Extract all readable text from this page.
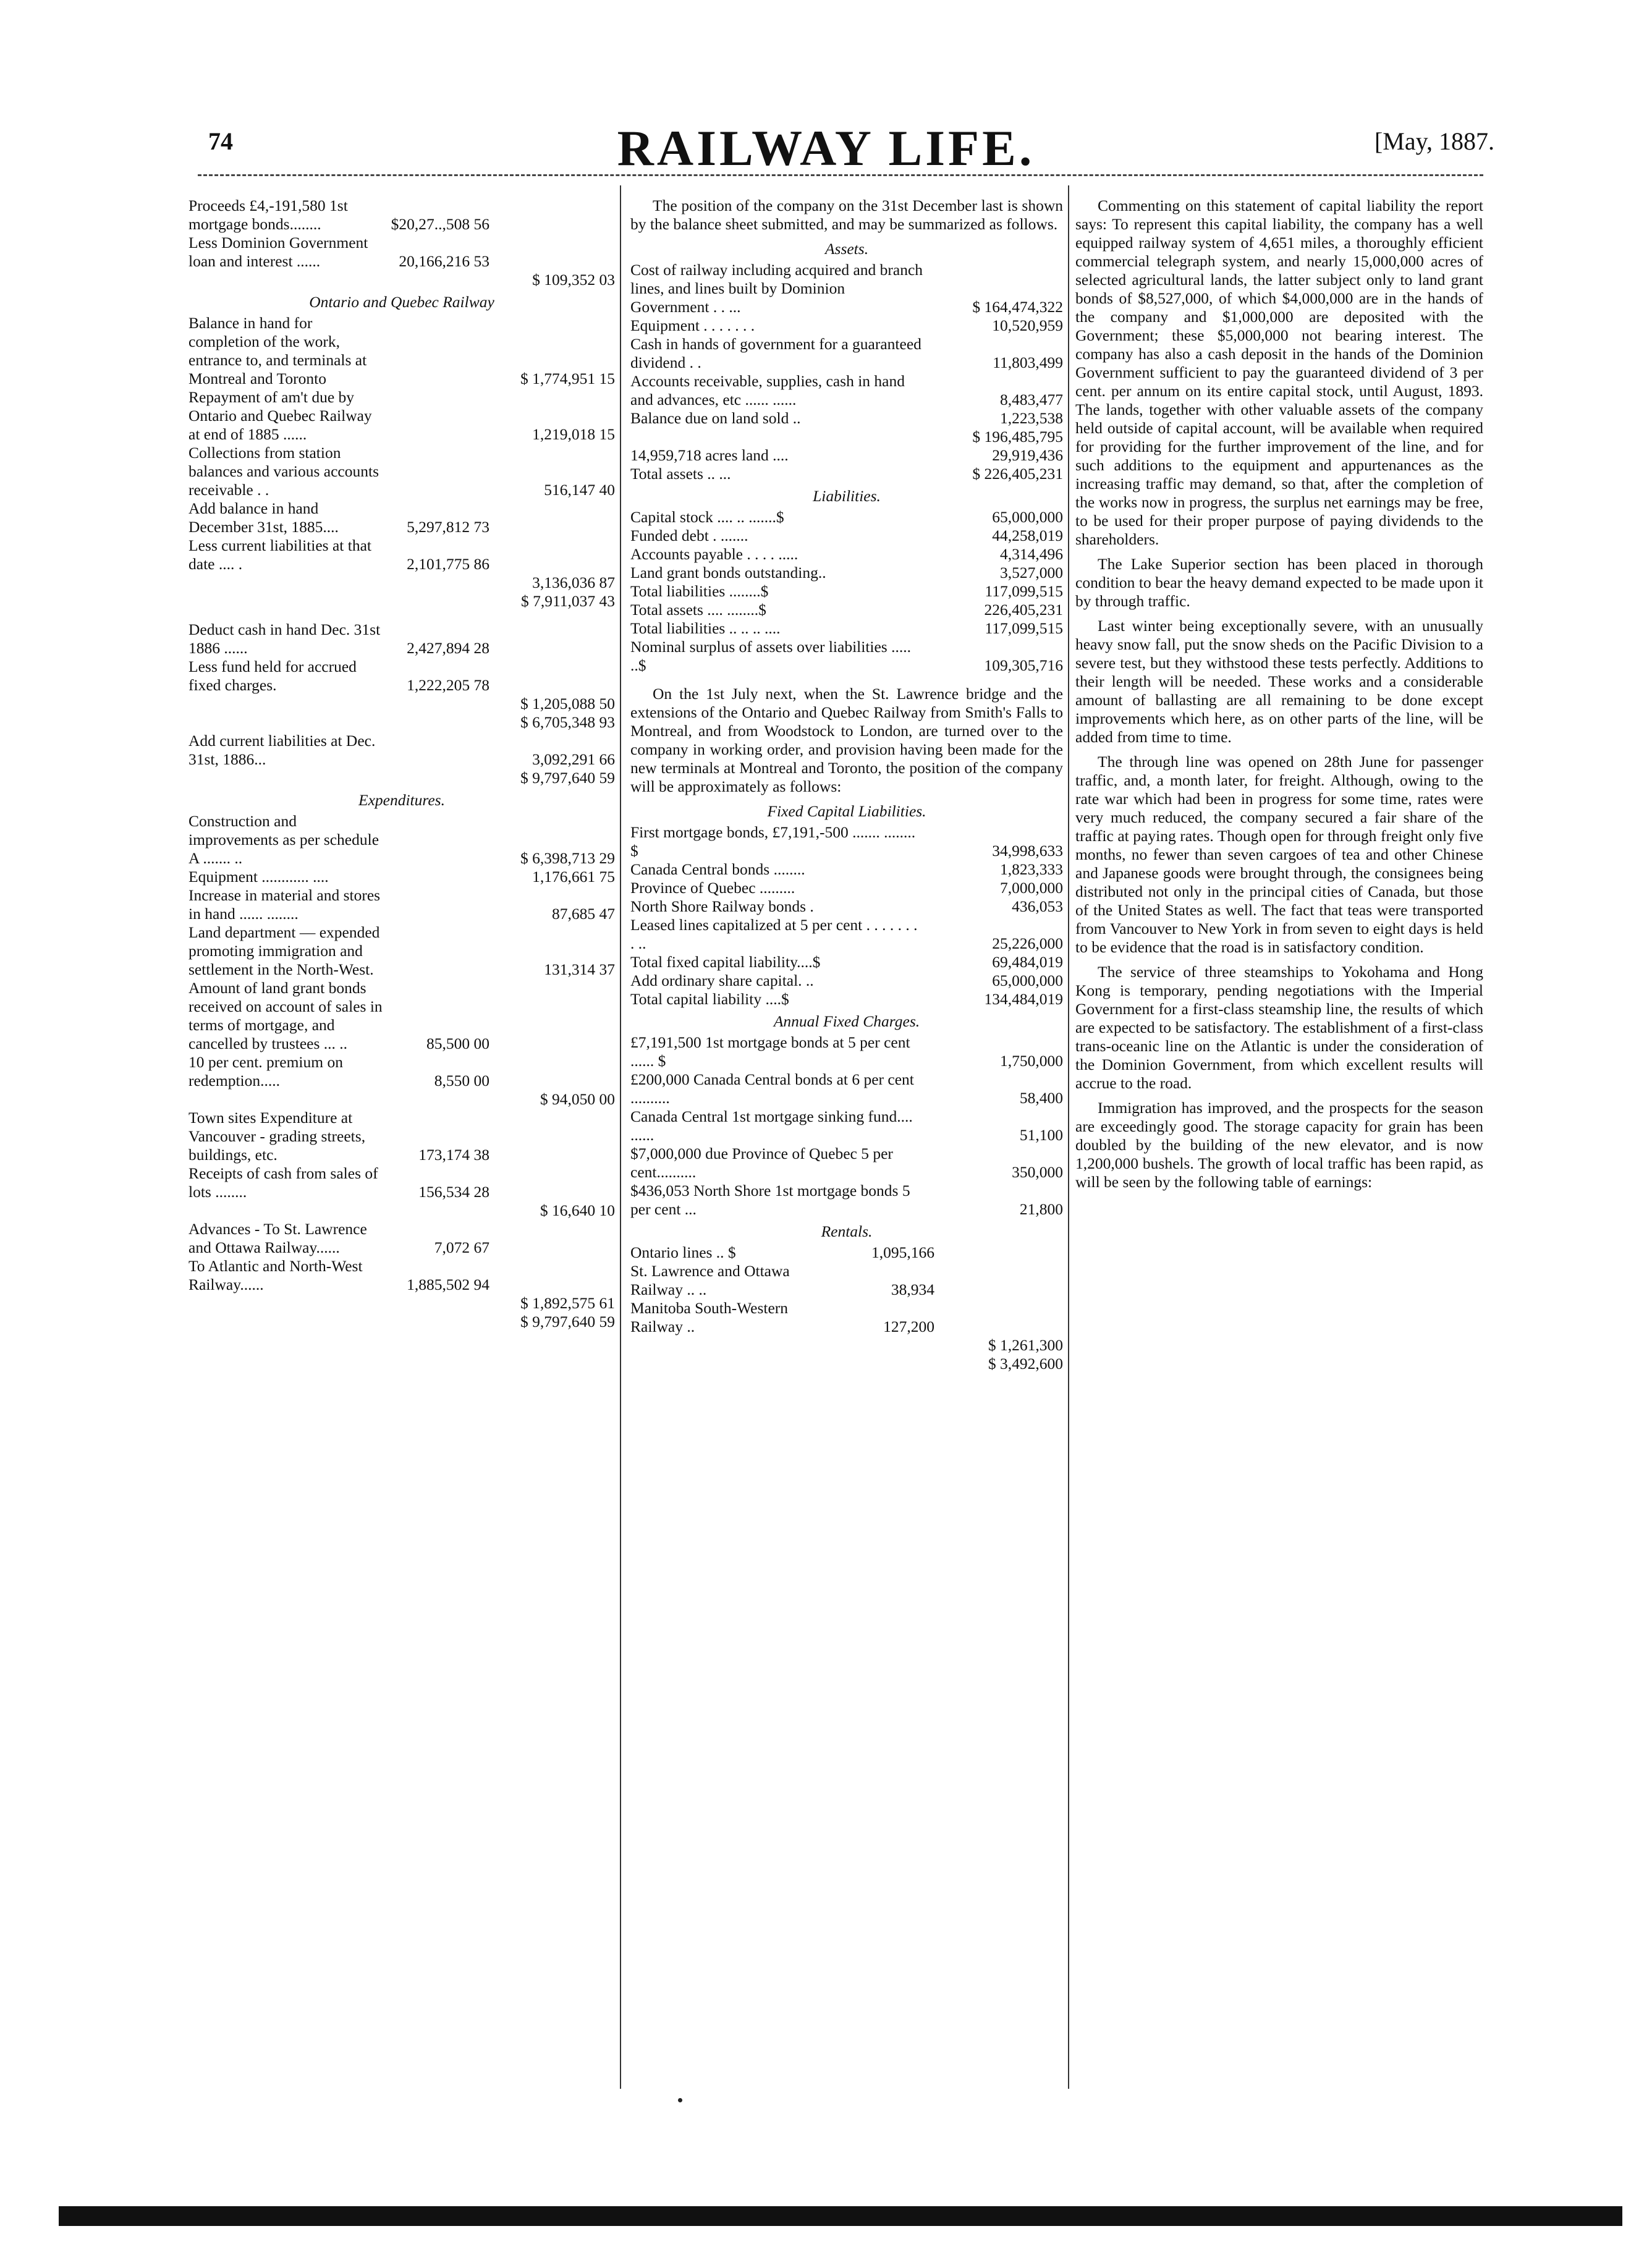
74	RAILWAY LIFE.	[May, 1887.
Proceeds £4,-191,580 1st mortgage bonds........	$20,27..,508 56
Less Dominion Government loan and interest ......	20,166,216 53
$ 109,352 03
Ontario and Quebec Railway
Balance in hand for completion of the work, entrance to, and terminals at Montreal and Toronto	$ 1,774,951 15
Repayment of am't due by Ontario and Quebec Railway at end of 1885 ......	1,219,018 15
Collections from station balances and various accounts receivable . .	516,147 40
Add balance in hand December 31st, 1885....	5,297,812 73
Less current liabilities at that date .... .	2,101,775 86
3,136,036 87
$ 7,911,037 43
Deduct cash in hand Dec. 31st 1886 ......	2,427,894 28
Less fund held for accrued fixed charges.	1,222,205 78
$ 1,205,088 50
$ 6,705,348 93
Add current liabilities at Dec. 31st, 1886...	3,092,291 66
$ 9,797,640 59
Expenditures.
Construction and improvements as per schedule A ....... ..	$ 6,398,713 29
Equipment ............ ....	1,176,661 75
Increase in material and stores in hand ...... ........	87,685 47
Land department — expended promoting immigration and settlement in the North-West.	131,314 37
Amount of land grant bonds received on account of sales in terms of mortgage, and cancelled by trustees ... ..	85,500 00
10 per cent. premium on redemption.....	8,550 00
$ 94,050 00
Town sites Expenditure at Vancouver - grading streets, buildings, etc.	173,174 38
Receipts of cash from sales of lots ........	156,534 28
$ 16,640 10
Advances - To St. Lawrence and Ottawa Railway......	7,072 67
To Atlantic and North-West Railway......	1,885,502 94
$ 1,892,575 61
$ 9,797,640 59

The position of the company on the 31st December last is shown by the balance sheet submitted, and may be summarized as follows.

Assets.
Cost of railway including acquired and branch lines, and lines built by Dominion Government . . ...	$ 164,474,322
Equipment . . . . . . .	10,520,959
Cash in hands of government for a guaranteed dividend . .	11,803,499
Accounts receivable, supplies, cash in hand and advances, etc ...... ......	8,483,477
Balance due on land sold ..	1,223,538
$ 196,485,795
14,959,718 acres land ....	29,919,436
Total assets .. ...	$ 226,405,231
Liabilities.
Capital stock .... .. .......$	65,000,000
Funded debt . .......	44,258,019
Accounts payable . . . . .....	4,314,496
Land grant bonds outstanding..	3,527,000
Total liabilities ........$	117,099,515
Total assets .... ........$	226,405,231
Total liabilities .. .. .. ....	117,099,515
Nominal surplus of assets over liabilities ..... ..$	109,305,716

On the 1st July next, when the St. Lawrence bridge and the extensions of the Ontario and Quebec Railway from Smith's Falls to Montreal, and from Woodstock to London, are turned over to the company in working order, and provision having been made for the new terminals at Montreal and Toronto, the position of the company will be approximately as follows:

Fixed Capital Liabilities.
First mortgage bonds, £7,191,-500 ....... ........ $	34,998,633
Canada Central bonds ........	1,823,333
Province of Quebec .........	7,000,000
North Shore Railway bonds .	436,053
Leased lines capitalized at 5 per cent . . . . . . . . ..	25,226,000
Total fixed capital liability....$	69,484,019
Add ordinary share capital. ..	65,000,000
Total capital liability ....$	134,484,019
Annual Fixed Charges.
£7,191,500 1st mortgage bonds at 5 per cent ...... $	1,750,000
£200,000 Canada Central bonds at 6 per cent ..........	58,400
Canada Central 1st mortgage sinking fund.... ......	51,100
$7,000,000 due Province of Quebec 5 per cent..........	350,000
$436,053 North Shore 1st mortgage bonds 5 per cent ...	21,800
Rentals.
Ontario lines .. $	1,095,166
St. Lawrence and Ottawa Railway .. ..	38,934
Manitoba South-Western Railway ..	127,200
$ 1,261,300
$ 3,492,600

Commenting on this statement of capital liability the report says: To represent this capital liability, the company has a well equipped railway system of 4,651 miles, a thoroughly efficient commercial telegraph system, and nearly 15,000,000 acres of selected agricultural lands, the latter subject only to land grant bonds of $8,527,000, of which $4,000,000 are in the hands of the company and $1,000,000 are deposited with the Government; these $5,000,000 not bearing interest. The company has also a cash deposit in the hands of the Dominion Government sufficient to pay the guaranteed dividend of 3 per cent. per annum on its entire capital stock, until August, 1893. The lands, together with other valuable assets of the company held outside of capital account, will be available when required for providing for the further improvement of the line, and for such additions to the equipment and appurtenances as the increasing traffic may demand, so that, after the completion of the works now in progress, the surplus net earnings may be free, to be used for their proper purpose of paying dividends to the shareholders.

The Lake Superior section has been placed in thorough condition to bear the heavy demand expected to be made upon it by through traffic.

Last winter being exceptionally severe, with an unusually heavy snow fall, put the snow sheds on the Pacific Division to a severe test, but they withstood these tests perfectly. Additions to their length will be needed. These works and a considerable amount of ballasting are all remaining to be done except improvements which here, as on other parts of the line, will be added from time to time.

The through line was opened on 28th June for passenger traffic, and, a month later, for freight. Although, owing to the rate war which had been in progress for some time, rates were very much reduced, the company secured a fair share of the traffic at paying rates. Though open for through freight only five months, no fewer than seven cargoes of tea and other Chinese and Japanese goods were brought through, the consignees being distributed not only in the principal cities of Canada, but those of the United States as well. The fact that teas were transported from Vancouver to New York in from seven to eight days is held to be evidence that the road is in satisfactory condition.

The service of three steamships to Yokohama and Hong Kong is temporary, pending negotiations with the Imperial Government for a first-class steamship line, the results of which are expected to be satisfactory. The establishment of a first-class trans-oceanic line on the Atlantic is under the consideration of the Dominion Government, from which excellent results will accrue to the road.

Immigration has improved, and the prospects for the season are exceedingly good. The storage capacity for grain has been doubled by the building of the new elevator, and is now 1,200,000 bushels. The growth of local traffic has been rapid, as will be seen by the following table of earnings:
